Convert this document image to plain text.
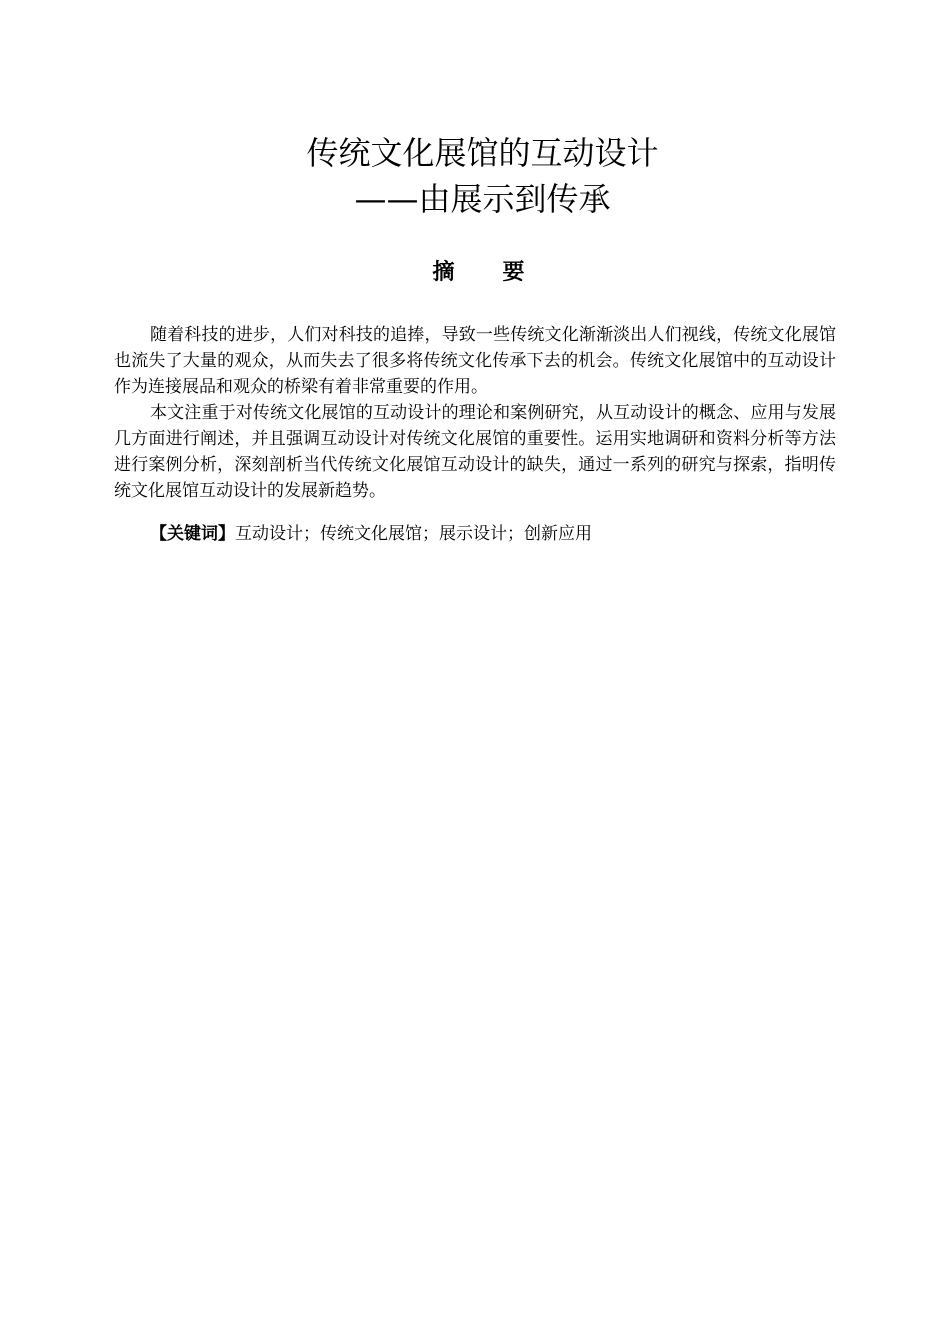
传统文化展馆的互动设计
——由展示到传承
摘要

随着科技的进步，人们对科技的追捧，导致一些传统文化渐渐淡出人们视线，传统文化展馆也流失了大量的观众，从而失去了很多将传统文化传承下去的机会。传统文化展馆中的互动设计作为连接展品和观众的桥梁有着非常重要的作用。

本文注重于对传统文化展馆的互动设计的理论和案例研究，从互动设计的概念、应用与发展几方面进行阐述，并且强调互动设计对传统文化展馆的重要性。运用实地调研和资料分析等方法进行案例分析，深刻剖析当代传统文化展馆互动设计的缺失，通过一系列的研究与探索，指明传统文化展馆互动设计的发展新趋势。

【关键词】互动设计；传统文化展馆；展示设计；创新应用
